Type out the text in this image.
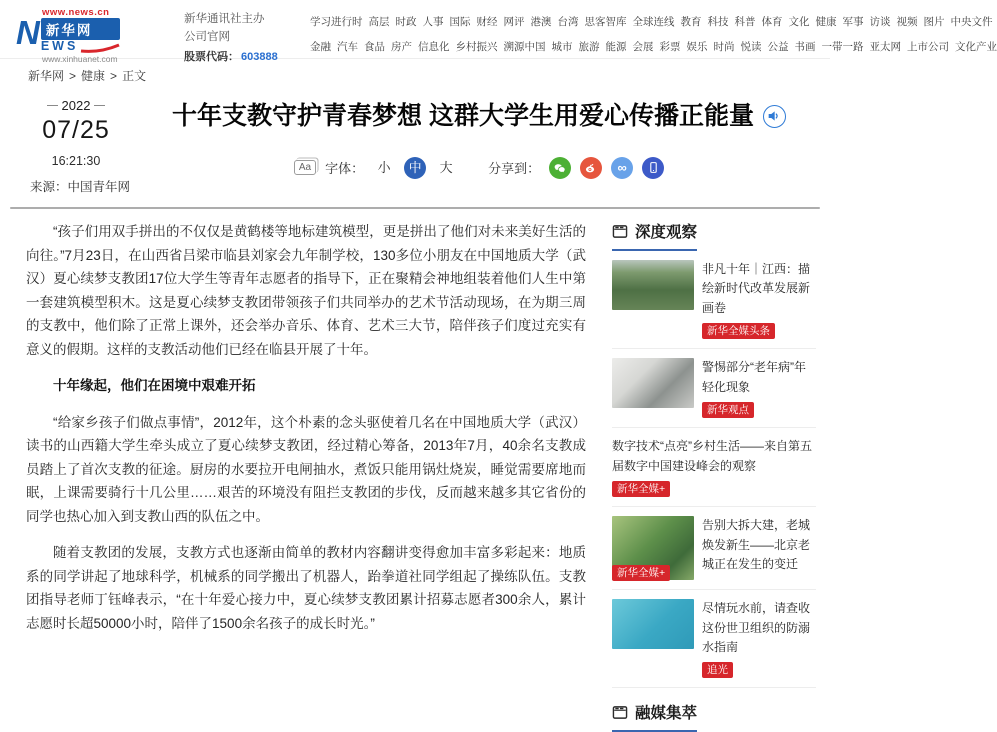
www.news.cn
N 新华网
EWS
www.xinhuanet.com
新华通讯社主办
公司官网
股票代码： 603888
学习进行时 高层 时政 人事 国际 财经 网评 港澳 台湾 思客智库 全球连线 教育 科技 科普 体育 文化 健康 军事 访谈 视频 图片 中央文件
金融 汽车 食品 房产 信息化 乡村振兴 溯源中国 城市 旅游 能源 会展 彩票 娱乐 时尚 悦读 公益 书画 一带一路 亚太网 上市公司 文化产业
新华网 > 健康 > 正文
2022
07/25
16:21:30
来源：中国青年网
十年支教守护青春梦想 这群大学生用爱心传播正能量
Aa	字体：	小	中	大	分享到：	∞

“孩子们用双手拼出的不仅仅是黄鹤楼等地标建筑模型，更是拼出了他们对未来美好生活的向往。”7月23日，在山西省吕梁市临县刘家会九年制学校，130多位小朋友在中国地质大学（武汉）夏心续梦支教团17位大学生等青年志愿者的指导下，正在聚精会神地组装着他们人生中第一套建筑模型积木。这是夏心续梦支教团带领孩子们共同举办的艺术节活动现场，在为期三周的支教中，他们除了正常上课外，还会举办音乐、体育、艺术三大节，陪伴孩子们度过充实有意义的假期。这样的支教活动他们已经在临县开展了十年。

十年缘起，他们在困境中艰难开拓

“给家乡孩子们做点事情”，2012年，这个朴素的念头驱使着几名在中国地质大学（武汉）读书的山西籍大学生牵头成立了夏心续梦支教团，经过精心筹备，2013年7月，40余名支教成员踏上了首次支教的征途。厨房的水要拉开电闸抽水，煮饭只能用锅灶烧炭，睡觉需要席地而眠，上课需要骑行十几公里……艰苦的环境没有阻拦支教团的步伐，反而越来越多其它省份的同学也热心加入到支教山西的队伍之中。

随着支教团的发展，支教方式也逐渐由简单的教材内容翻讲变得愈加丰富多彩起来：地质系的同学讲起了地球科学，机械系的同学搬出了机器人，跆拳道社同学组起了操练队伍。支教团指导老师丁钰峰表示，“在十年爱心接力中，夏心续梦支教团累计招募志愿者300余人，累计志愿时长超50000小时，陪伴了1500余名孩子的成长时光。”

深度观察
非凡十年｜江西：描绘新时代改革发展新画卷
新华全媒头条
警惕部分“老年病”年轻化现象
新华观点
数字技术“点亮”乡村生活——来自第五届数字中国建设峰会的观察
新华全媒+
告别大拆大建，老城焕发新生——北京老城正在发生的变迁
新华全媒+
尽情玩水前，请查收这份世卫组织的防溺水指南
追光
融媒集萃
